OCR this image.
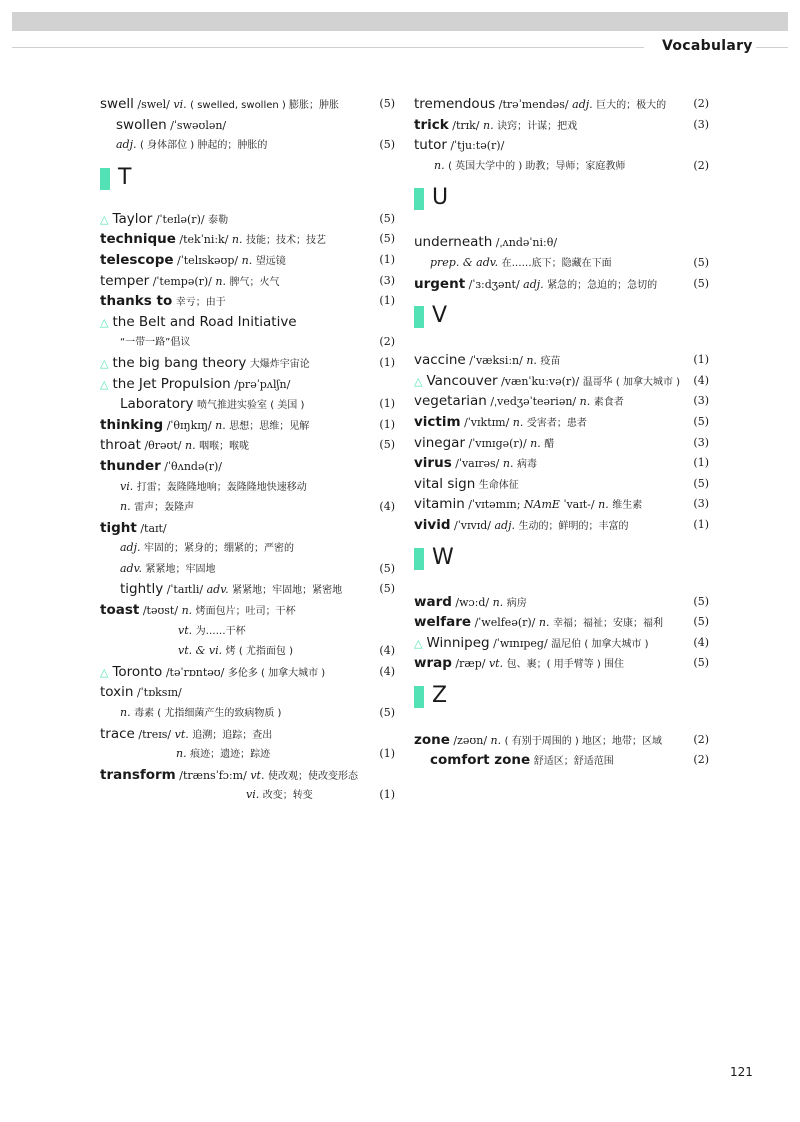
Vocabulary
swell /swel/ vi. ( swelled, swollen ) 膨胀；肿胀	(5)
swollen /ˈswəʊlən/
adj. ( 身体部位 ) 肿起的；肿胀的	(5)
T
△ Taylor /ˈteɪlə(r)/ 泰勒	(5)
technique /tekˈniːk/ n. 技能；技术；技艺	(5)
telescope /ˈtelɪskəʊp/ n. 望远镜	(1)
temper /ˈtempə(r)/ n. 脾气；火气	(3)
thanks to 幸亏；由于	(1)
△ the Belt and Road Initiative
“一带一路”倡议	(2)
△ the big bang theory 大爆炸宇宙论	(1)
△ the Jet Propulsion /prəˈpʌlʃn/
Laboratory 喷气推进实验室 ( 美国 )	(1)
thinking /ˈθɪŋkɪŋ/ n. 思想；思维；见解	(1)
throat /θrəʊt/ n. 咽喉；喉咙	(5)
thunder /ˈθʌndə(r)/
vi. 打雷；轰隆隆地响；轰隆隆地快速移动
n. 雷声；轰隆声	(4)
tight /taɪt/
adj. 牢固的；紧身的；绷紧的；严密的
adv. 紧紧地；牢固地	(5)
tightly /ˈtaɪtli/ adv. 紧紧地；牢固地；紧密地	(5)
toast /təʊst/ n. 烤面包片；吐司；干杯
vt. 为……干杯
vt. & vi. 烤 ( 尤指面包 )	(4)
△ Toronto /təˈrɒntəʊ/ 多伦多 ( 加拿大城市 )	(4)
toxin /ˈtɒksɪn/
n. 毒素 ( 尤指细菌产生的致病物质 )	(5)
trace /treɪs/ vt. 追溯；追踪；查出
n. 痕迹；遗迹；踪迹	(1)
transform /trænsˈfɔːm/ vt. 使改观；使改变形态
vi. 改变；转变	(1)
tremendous /trəˈmendəs/ adj. 巨大的；极大的 (2)
trick /trɪk/ n. 诀窍；计谋；把戏	(3)
tutor /ˈtjuːtə(r)/
n. ( 英国大学中的 ) 助教；导师；家庭教师	(2)
U
underneath /ˌʌndəˈniːθ/
prep. & adv. 在……底下；隐藏在下面	(5)
urgent /ˈɜːdʒənt/ adj. 紧急的；急迫的；急切的	(5)
V
vaccine /ˈvæksiːn/ n. 疫苗	(1)
△ Vancouver /vænˈkuːvə(r)/ 温哥华 ( 加拿大城市 ) (4)
vegetarian /ˌvedʒəˈteəriən/ n. 素食者	(3)
victim /ˈvɪktɪm/ n. 受害者；患者	(5)
vinegar /ˈvɪnɪgə(r)/ n. 醋	(3)
virus /ˈvaɪrəs/ n. 病毒	(1)
vital sign 生命体征	(5)
vitamin /ˈvɪtəmɪn; NAmE ˈvaɪt-/ n. 维生素	(3)
vivid /ˈvɪvɪd/ adj. 生动的；鲜明的；丰富的	(1)
W
ward /wɔːd/ n. 病房	(5)
welfare /ˈwelfeə(r)/ n. 幸福；福祉；安康；福利	(5)
△ Winnipeg /ˈwɪnɪpeg/ 温尼伯 ( 加拿大城市 )	(4)
wrap /ræp/ vt. 包、裹；( 用手臂等 ) 围住	(5)
Z
zone /zəʊn/ n. ( 有别于周围的 ) 地区；地带；区域	(2)
comfort zone 舒适区；舒适范围	(2)
121
